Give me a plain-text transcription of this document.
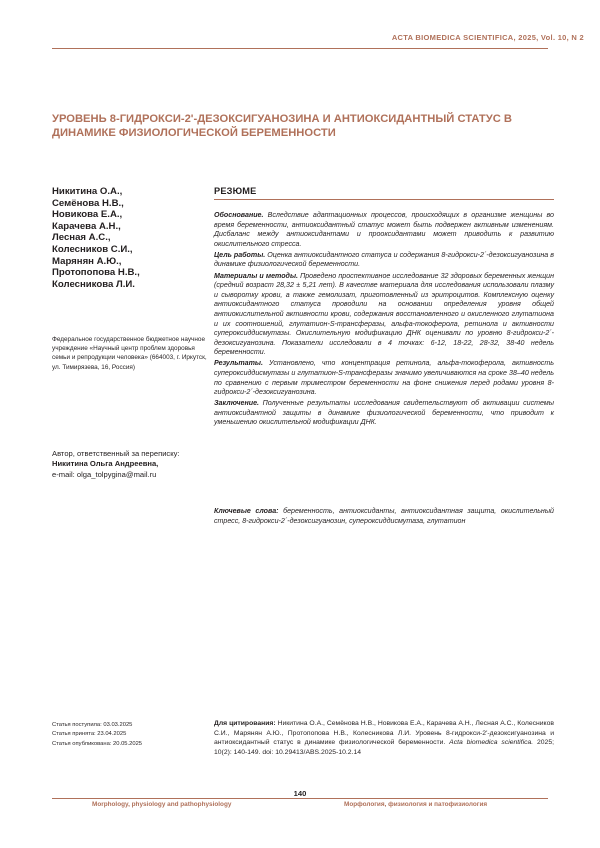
ACTA BIOMEDICA SCIENTIFICA, 2025, Vol. 10, N 2
УРОВЕНЬ 8-ГИДРОКСИ-2'-ДЕЗОКСИГУАНОЗИНА И АНТИОКСИДАНТНЫЙ СТАТУС В ДИНАМИКЕ ФИЗИОЛОГИЧЕСКОЙ БЕРЕМЕННОСТИ
Никитина О.А.,
Семёнова Н.В.,
Новикова Е.А.,
Карачева А.Н.,
Лесная А.С.,
Колесников С.И.,
Марянян А.Ю.,
Протопопова Н.В.,
Колесникова Л.И.
Федеральное государственное бюджетное научное учреждение «Научный центр проблем здоровья семьи и репродукции человека» (664003, г. Иркутск, ул. Тимирязева, 16, Россия)
Автор, ответственный за переписку:
Никитина Ольга Андреевна,
e-mail: olga_tolpygina@mail.ru
РЕЗЮМЕ

Обоснование. Вследствие адаптационных процессов, происходящих в организме женщины во время беременности, антиоксидантный статус может быть подвержен активным изменениям. Дисбаланс между антиоксидантами и прооксидантами может приводить к развитию окислительного стресса.

Цель работы. Оценка антиоксидантного статуса и содержания 8-гидрокси-2´-дезоксигуанозина в динамике физиологической беременности.

Материалы и методы. Проведено проспективное исследование 32 здоровых беременных женщин (средний возраст 28,32 ± 5,21 лет). В качестве материала для исследования использовали плазму и сыворотку крови, а также гемолизат, приготовленный из эритроцитов. Комплексную оценку антиоксидантного статуса проводили на основании определения уровня общей антиокислительной активности крови, содержания восстановленного и окисленного глутатиона и их соотношений, глутатион-S-трансферазы, альфа-токоферола, ретинола и активности супероксиддисмутазы. Окислительную модификацию ДНК оценивали по уровню 8-гидрокси-2´-дезоксигуанозина. Показатели исследовали в 4 точках: 6-12, 18-22, 28-32, 38-40 недель беременности.

Результаты. Установлено, что концентрация ретинола, альфа-токоферола, активность супероксиддисмутазы и глутатион-S-трансферазы значимо увеличиваются на сроке 38–40 недель по сравнению с первым триместром беременности на фоне снижения перед родами уровня 8-гидрокси-2´-дезоксигуанозина.

Заключение. Полученные результаты исследования свидетельствуют об активации системы антиоксидантной защиты в динамике физиологической беременности, что приводит к уменьшению окислительной модификации ДНК.

Ключевые слова: беременность, антиоксиданты, антиоксидантная защита, окислительный стресс, 8-гидрокси-2´-дезоксигуанозин, супероксиддисмутаза, глутатион
Статья поступила: 03.03.2025
Статья принята: 23.04.2025
Статья опубликована: 20.05.2025
Для цитирования: Никитина О.А., Семёнова Н.В., Новикова Е.А., Карачева А.Н., Лесная А.С., Колесников С.И., Марянян А.Ю., Протопопова Н.В., Колесникова Л.И. Уровень 8-гидрокси-2'-дезоксигуанозина и антиоксидантный статус в динамике физиологической беременности. Acta biomedica scientifica. 2025; 10(2): 140-149. doi: 10.29413/ABS.2025-10.2.14
140
Morphology, physiology and pathophysiology	Морфология, физиология и патофизиология
